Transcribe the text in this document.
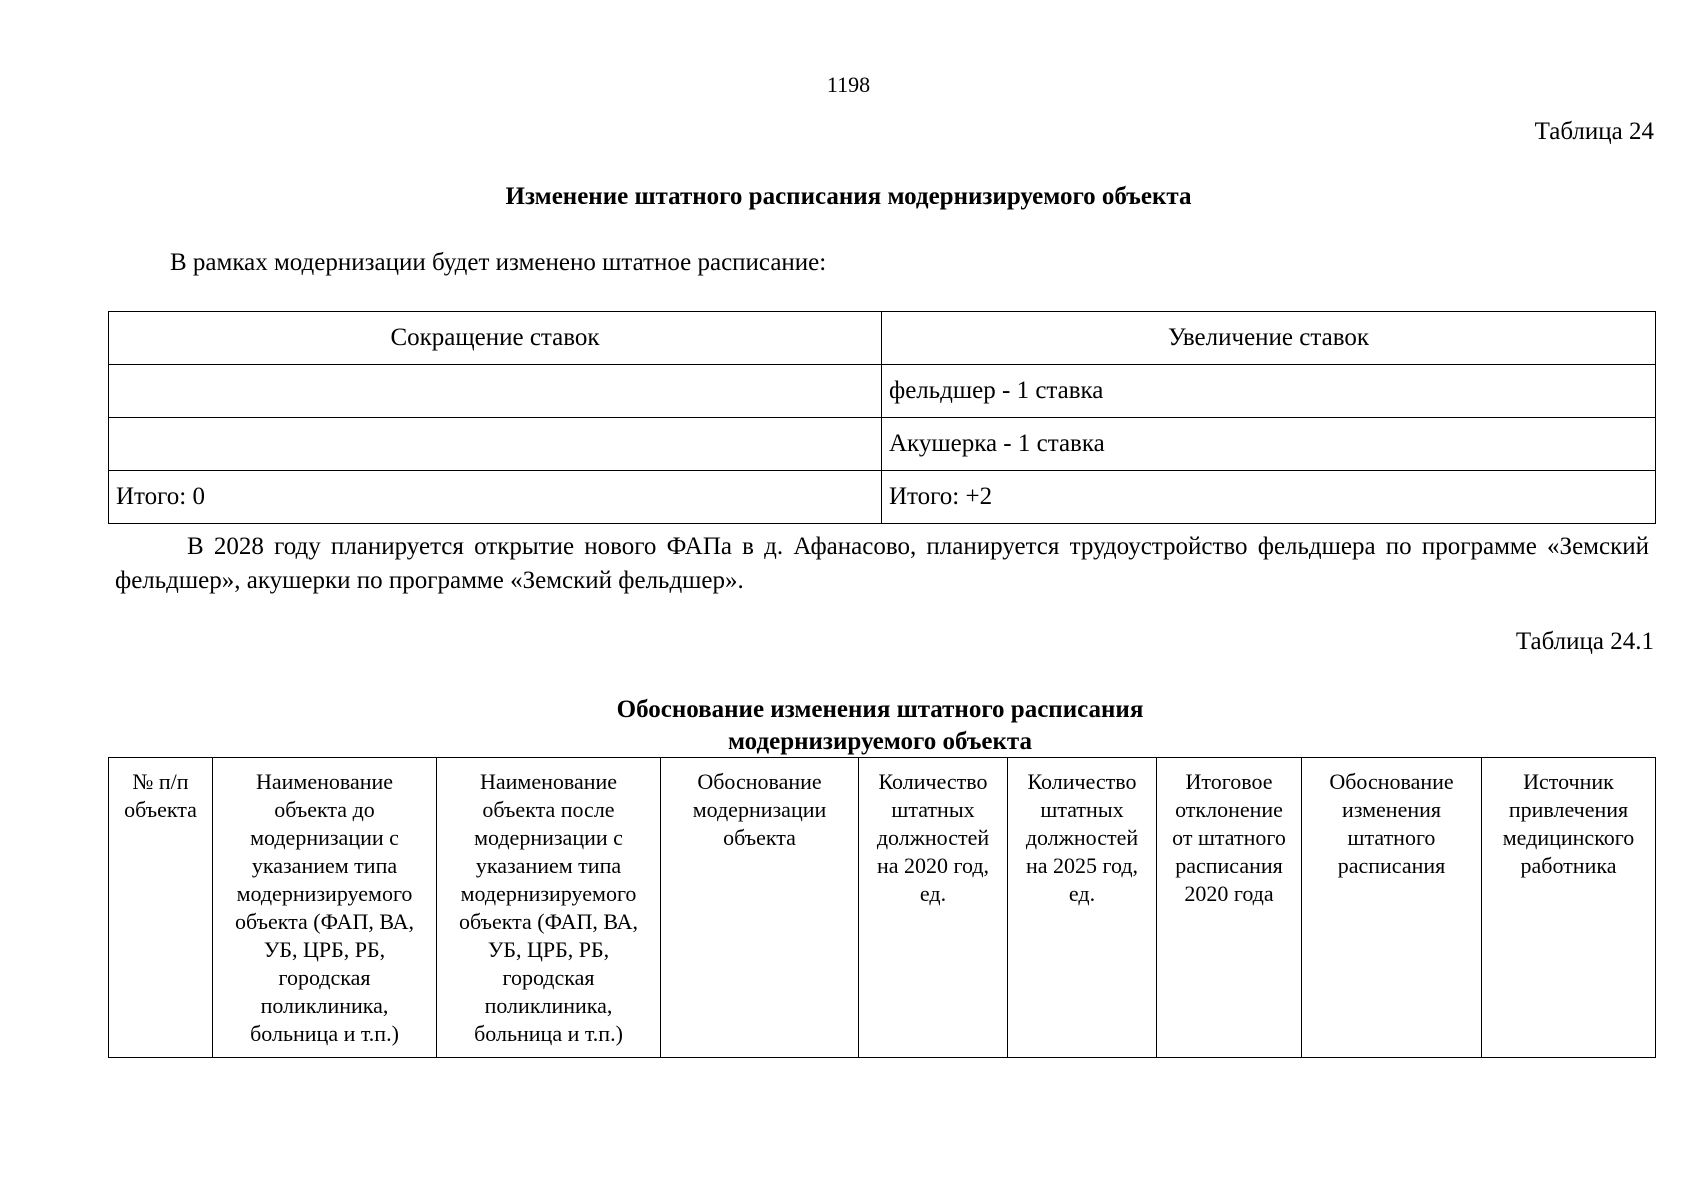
1198
Таблица 24
Изменение штатного расписания модернизируемого объекта
В рамках модернизации будет изменено штатное расписание:
Сокращение ставок	Увеличение ставок
	фельдшер - 1 ставка
	Акушерка - 1 ставка
Итого: 0	Итого: +2
В 2028 году планируется открытие нового ФАПа в д. Афанасово, планируется трудоустройство фельдшера по программе «Земский фельдшер», акушерки по программе «Земский фельдшер».
Таблица 24.1
Обоснование изменения штатного расписания
модернизируемого объекта
№ п/п объекта	Наименование объекта до модернизации с указанием типа модернизируемого объекта (ФАП, ВА, УБ, ЦРБ, РБ, городская поликлиника, больница и т.п.)	Наименование объекта после модернизации с указанием типа модернизируемого объекта (ФАП, ВА, УБ, ЦРБ, РБ, городская поликлиника, больница и т.п.)	Обоснование модернизации объекта	Количество штатных должностей на 2020 год, ед.	Количество штатных должностей на 2025 год, ед.	Итоговое отклонение от штатного расписания 2020 года	Обоснование изменения штатного расписания	Источник привлечения медицинского работника
